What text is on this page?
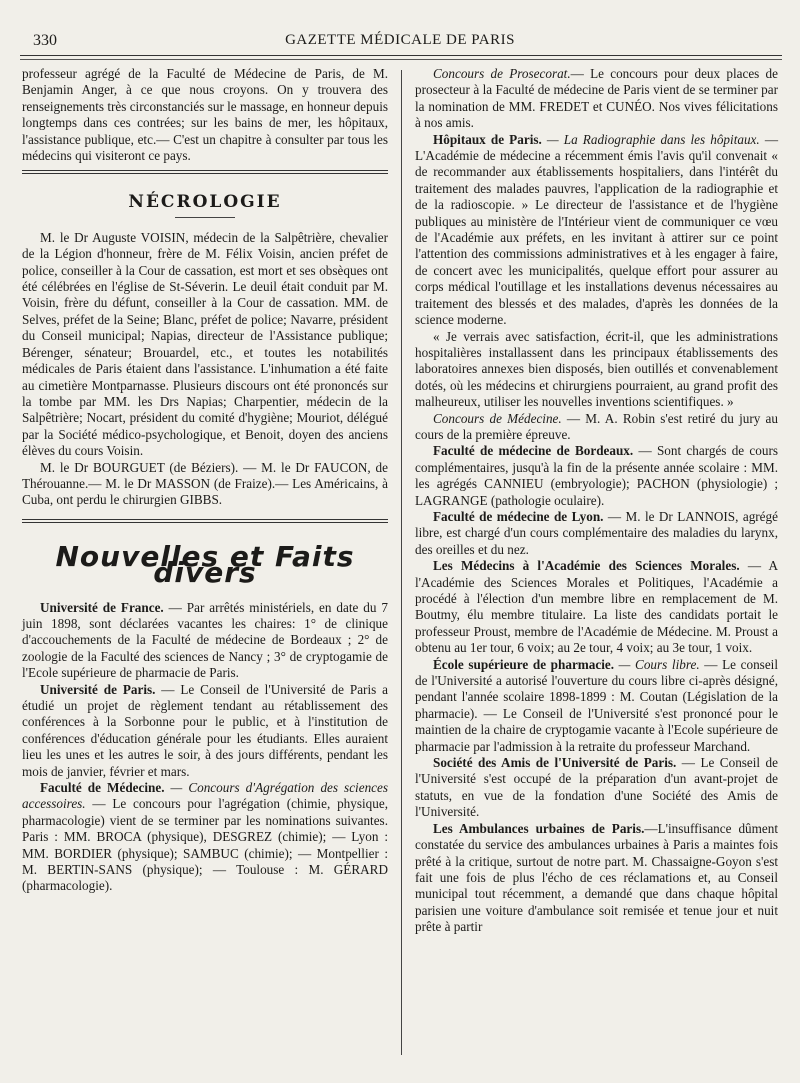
330	GAZETTE MÉDICALE DE PARIS

professeur agrégé de la Faculté de Médecine de Paris, de M. Benjamin Anger, à ce que nous croyons. On y trouvera des renseignements très circonstanciés sur le massage, en honneur depuis longtemps dans ces contrées; sur les bains de mer, les hôpitaux, l'assistance publique, etc.— C'est un chapitre à consulter par tous les médecins qui visiteront ce pays.

NÉCROLOGIE

M. le Dr Auguste VOISIN, médecin de la Salpêtrière, chevalier de la Légion d'honneur, frère de M. Félix Voisin, ancien préfet de police, conseiller à la Cour de cassation, est mort et ses obsèques ont été célébrées en l'église de St-Séverin. Le deuil était conduit par M. Voisin, frère du défunt, conseiller à la Cour de cassation. MM. de Selves, préfet de la Seine; Blanc, préfet de police; Navarre, président du Conseil municipal; Napias, directeur de l'Assistance publique; Bérenger, sénateur; Brouardel, etc., et toutes les notabilités médicales de Paris étaient dans l'assistance. L'inhumation a été faite au cimetière Montparnasse. Plusieurs discours ont été prononcés sur la tombe par MM. les Drs Napias; Charpentier, médecin de la Salpêtrière; Nocart, président du comité d'hygiène; Mouriot, délégué par la Société médico-psychologique, et Benoit, doyen des anciens élèves du cours Voisin.

M. le Dr BOURGUET (de Béziers). — M. le Dr FAUCON, de Thérouanne.— M. le Dr MASSON (de Fraize).— Les Américains, à Cuba, ont perdu le chirurgien GIBBS.

Nouvelles et Faits divers

Université de France. — Par arrêtés ministériels, en date du 7 juin 1898, sont déclarées vacantes les chaires: 1° de clinique d'accouchements de la Faculté de médecine de Bordeaux ; 2° de zoologie de la Faculté des sciences de Nancy ; 3° de cryptogamie de l'Ecole supérieure de pharmacie de Paris.

Université de Paris. — Le Conseil de l'Université de Paris a étudié un projet de règlement tendant au rétablissement des conférences à la Sorbonne pour le public, et à l'institution de conférences d'éducation générale pour les étudiants. Elles auraient lieu les unes et les autres le soir, à des jours différents, pendant les mois de janvier, février et mars.

Faculté de Médecine. — Concours d'Agrégation des sciences accessoires. — Le concours pour l'agrégation (chimie, physique, pharmacologie) vient de se terminer par les nominations suivantes. Paris : MM. BROCA (physique), DESGREZ (chimie); — Lyon : MM. BORDIER (physique); SAMBUC (chimie); — Montpellier : M. BERTIN-SANS (physique); — Toulouse : M. GÉRARD (pharmacologie).

Concours de Prosecorat.— Le concours pour deux places de prosecteur à la Faculté de médecine de Paris vient de se terminer par la nomination de MM. FREDET et CUNÉO. Nos vives félicitations à nos amis.

Hôpitaux de Paris. — La Radiographie dans les hôpitaux. — L'Académie de médecine a récemment émis l'avis qu'il convenait « de recommander aux établissements hospitaliers, dans l'intérêt du traitement des malades pauvres, l'application de la radiographie et de la radioscopie. » Le directeur de l'assistance et de l'hygiène publiques au ministère de l'Intérieur vient de communiquer ce vœu de l'Académie aux préfets, en les invitant à attirer sur ce point l'attention des commissions administratives et à les engager à faire, de concert avec les municipalités, quelque effort pour assurer au corps médical l'outillage et les installations devenus nécessaires au traitement des blessés et des malades, d'après les données de la science moderne.

« Je verrais avec satisfaction, écrit-il, que les administrations hospitalières installassent dans les principaux établissements des laboratoires annexes bien disposés, bien outillés et convenablement dotés, où les médecins et chirurgiens pourraient, au grand profit des malheureux, utiliser les nouvelles inventions scientifiques. »

Concours de Médecine. — M. A. Robin s'est retiré du jury au cours de la première épreuve.

Faculté de médecine de Bordeaux. — Sont chargés de cours complémentaires, jusqu'à la fin de la présente année scolaire : MM. les agrégés CANNIEU (embryologie); PACHON (physiologie) ; LAGRANGE (pathologie oculaire).

Faculté de médecine de Lyon. — M. le Dr LANNOIS, agrégé libre, est chargé d'un cours complémentaire des maladies du larynx, des oreilles et du nez.

Les Médecins à l'Académie des Sciences Morales. — A l'Académie des Sciences Morales et Politiques, l'Académie a procédé à l'élection d'un membre libre en remplacement de M. Boutmy, élu membre titulaire. La liste des candidats portait le professeur Proust, membre de l'Académie de Médecine. M. Proust a obtenu au 1er tour, 6 voix; au 2e tour, 4 voix; au 3e tour, 1 voix.

École supérieure de pharmacie. — Cours libre. — Le conseil de l'Université a autorisé l'ouverture du cours libre ci-après désigné, pendant l'année scolaire 1898-1899 : M. Coutan (Législation de la pharmacie). — Le Conseil de l'Université s'est prononcé pour le maintien de la chaire de cryptogamie vacante à l'Ecole supérieure de pharmacie par l'admission à la retraite du professeur Marchand.

Société des Amis de l'Université de Paris. — Le Conseil de l'Université s'est occupé de la préparation d'un avant-projet de statuts, en vue de la fondation d'une Société des Amis de l'Université.

Les Ambulances urbaines de Paris.—L'insuffisance dûment constatée du service des ambulances urbaines à Paris a maintes fois prêté à la critique, surtout de notre part. M. Chassaigne-Goyon s'est fait une fois de plus l'écho de ces réclamations et, au Conseil municipal tout récemment, a demandé que dans chaque hôpital parisien une voiture d'ambulance soit remisée et tenue jour et nuit prête à partir
